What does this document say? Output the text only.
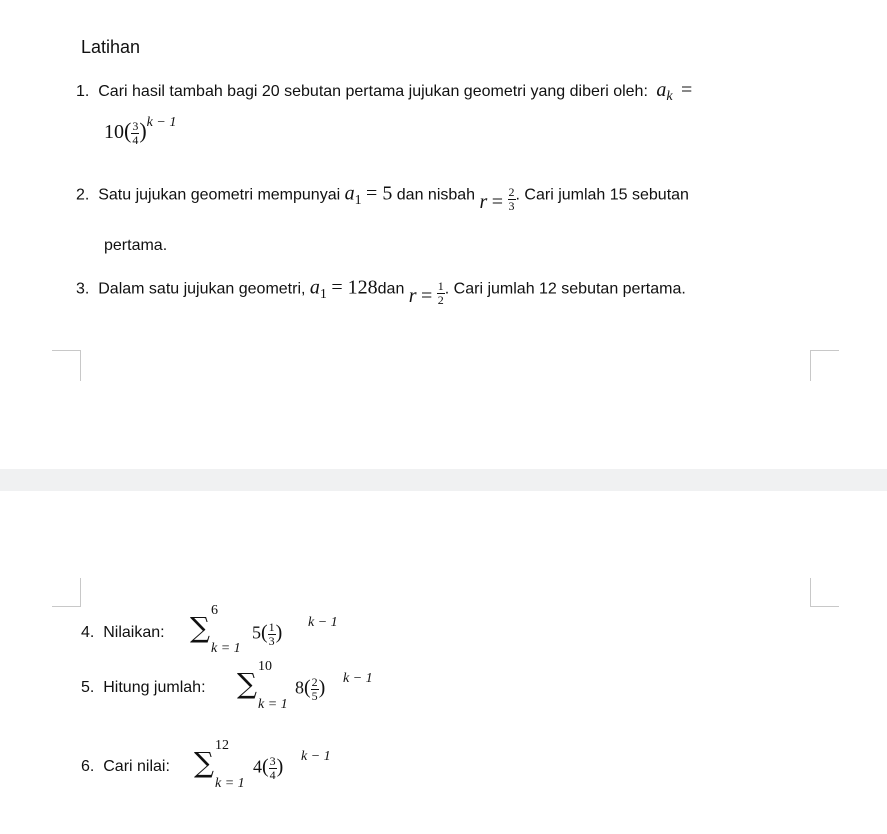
Latihan
1. Cari hasil tambah bagi 20 sebutan pertama jujukan geometri yang diberi oleh: $a_k$ =
$10( \frac{3}{4} )^{k - 1}$
2. Satu jujukan geometri mempunyai $a_1 = 5$ dan nisbah $r = \frac{2}{3}$ . Cari jumlah 15 sebutan
pertama.
3. Dalam satu jujukan geometri, $a_1 = 128dan$ $r = \frac{1}{2}$ . Cari jumlah 12 sebutan pertama.
4. Nilaikan: ∑
6
k = 1
$5( \frac{1}{3}$ ) k − 1
5. Hitung jumlah: ∑
10
k = 1
$8( \frac{2}{5}$ ) k − 1
6. Cari nilai: ∑
12
k = 1
$4( \frac{3}{4}$ ) k − 1
